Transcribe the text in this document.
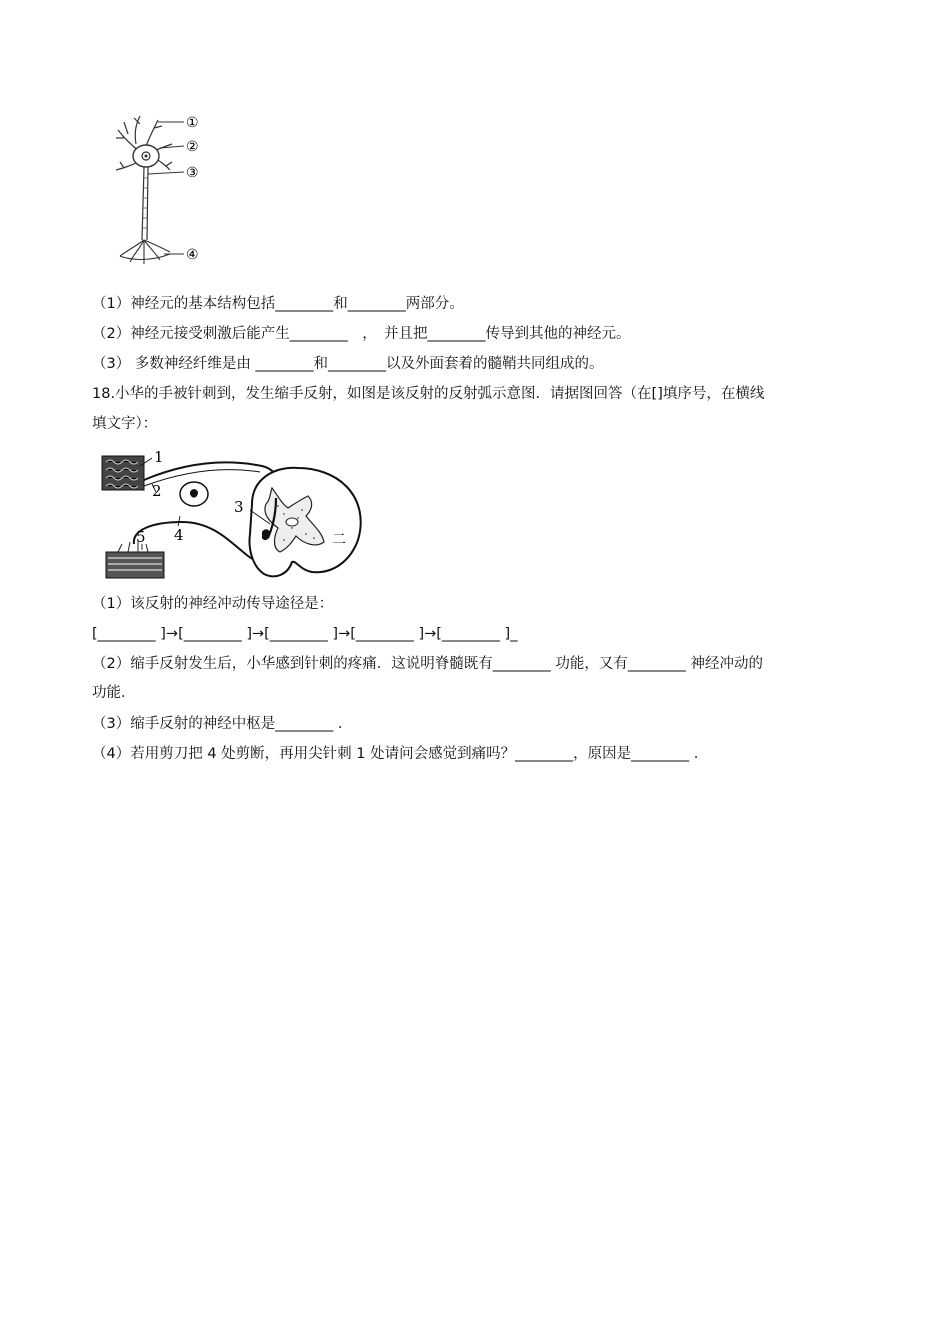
①
②
③
④
（1）神经元的基本结构包括________和________两部分。
（2）神经元接受刺激后能产生________　，　并且把________传导到其他的神经元。
（3） 多数神经纤维是由 ________和________以及外面套着的髓鞘共同组成的。
18.小华的手被针刺到，发生缩手反射，如图是该反射的反射弧示意图．请据图回答（在[]填序号，在横线
填文字）：
1
2
3
4
5	二
（1）该反射的神经冲动传导途径是：
[________ ]→[________ ]→[________ ]→[________ ]→[________ ]_
（2）缩手反射发生后，小华感到针刺的疼痛．这说明脊髓既有________ 功能，又有________ 神经冲动的
功能．
（3）缩手反射的神经中枢是________ .
（4）若用剪刀把 4 处剪断，再用尖针刺 1 处请问会感觉到痛吗？________，原因是________ .
